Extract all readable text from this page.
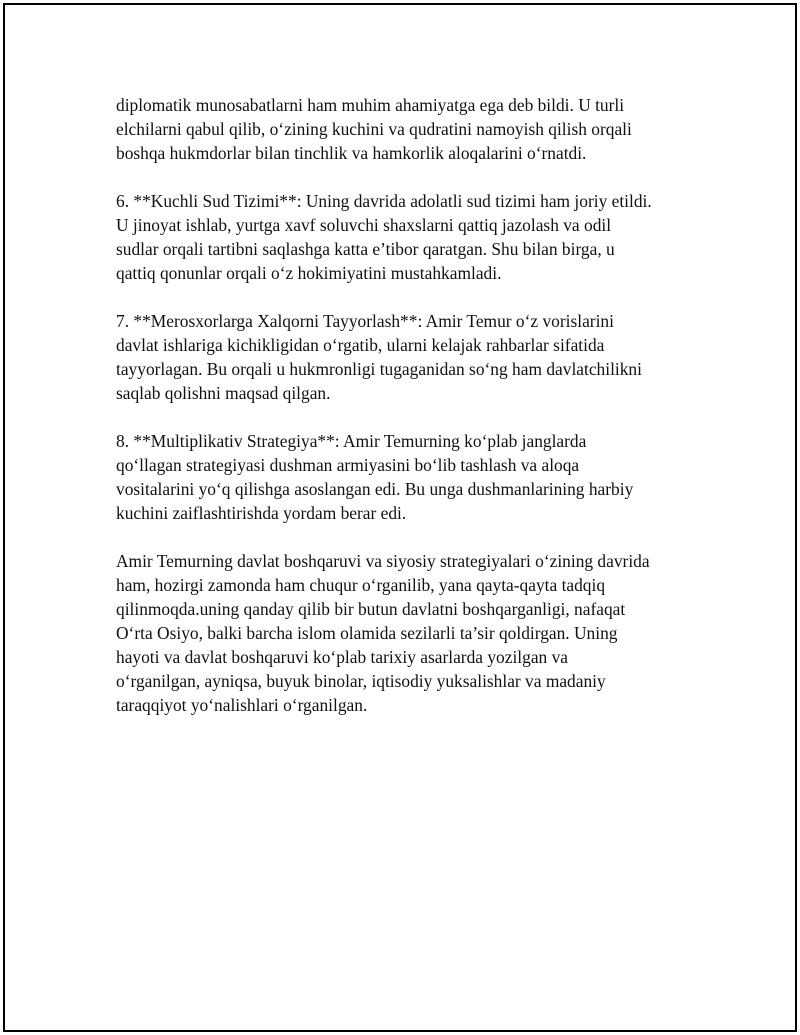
diplomatik munosabatlarni ham muhim ahamiyatga ega deb bildi. U turli
elchilarni qabul qilib, o‘zining kuchini va qudratini namoyish qilish orqali
boshqa hukmdorlar bilan tinchlik va hamkorlik aloqalarini o‘rnatdi.

6. **Kuchli Sud Tizimi**: Uning davrida adolatli sud tizimi ham joriy etildi.
U jinoyat ishlab, yurtga xavf soluvchi shaxslarni qattiq jazolash va odil
sudlar orqali tartibni saqlashga katta e’tibor qaratgan. Shu bilan birga, u
qattiq qonunlar orqali o‘z hokimiyatini mustahkamladi.

7. **Merosxorlarga Xalqorni Tayyorlash**: Amir Temur o‘z vorislarini
davlat ishlariga kichikligidan o‘rgatib, ularni kelajak rahbarlar sifatida
tayyorlagan. Bu orqali u hukmronligi tugaganidan so‘ng ham davlatchilikni
saqlab qolishni maqsad qilgan.

8. **Multiplikativ Strategiya**: Amir Temurning ko‘plab janglarda
qo‘llagan strategiyasi dushman armiyasini bo‘lib tashlash va aloqa
vositalarini yo‘q qilishga asoslangan edi. Bu unga dushmanlarining harbiy
kuchini zaiflashtirishda yordam berar edi.

Amir Temurning davlat boshqaruvi va siyosiy strategiyalari o‘zining davrida
ham, hozirgi zamonda ham chuqur o‘rganilib, yana qayta-qayta tadqiq
qilinmoqda.uning qanday qilib bir butun davlatni boshqarganligi, nafaqat
O‘rta Osiyo, balki barcha islom olamida sezilarli ta’sir qoldirgan. Uning
hayoti va davlat boshqaruvi ko‘plab tarixiy asarlarda yozilgan va
o‘rganilgan, ayniqsa, buyuk binolar, iqtisodiy yuksalishlar va madaniy
taraqqiyot yo‘nalishlari o‘rganilgan.
